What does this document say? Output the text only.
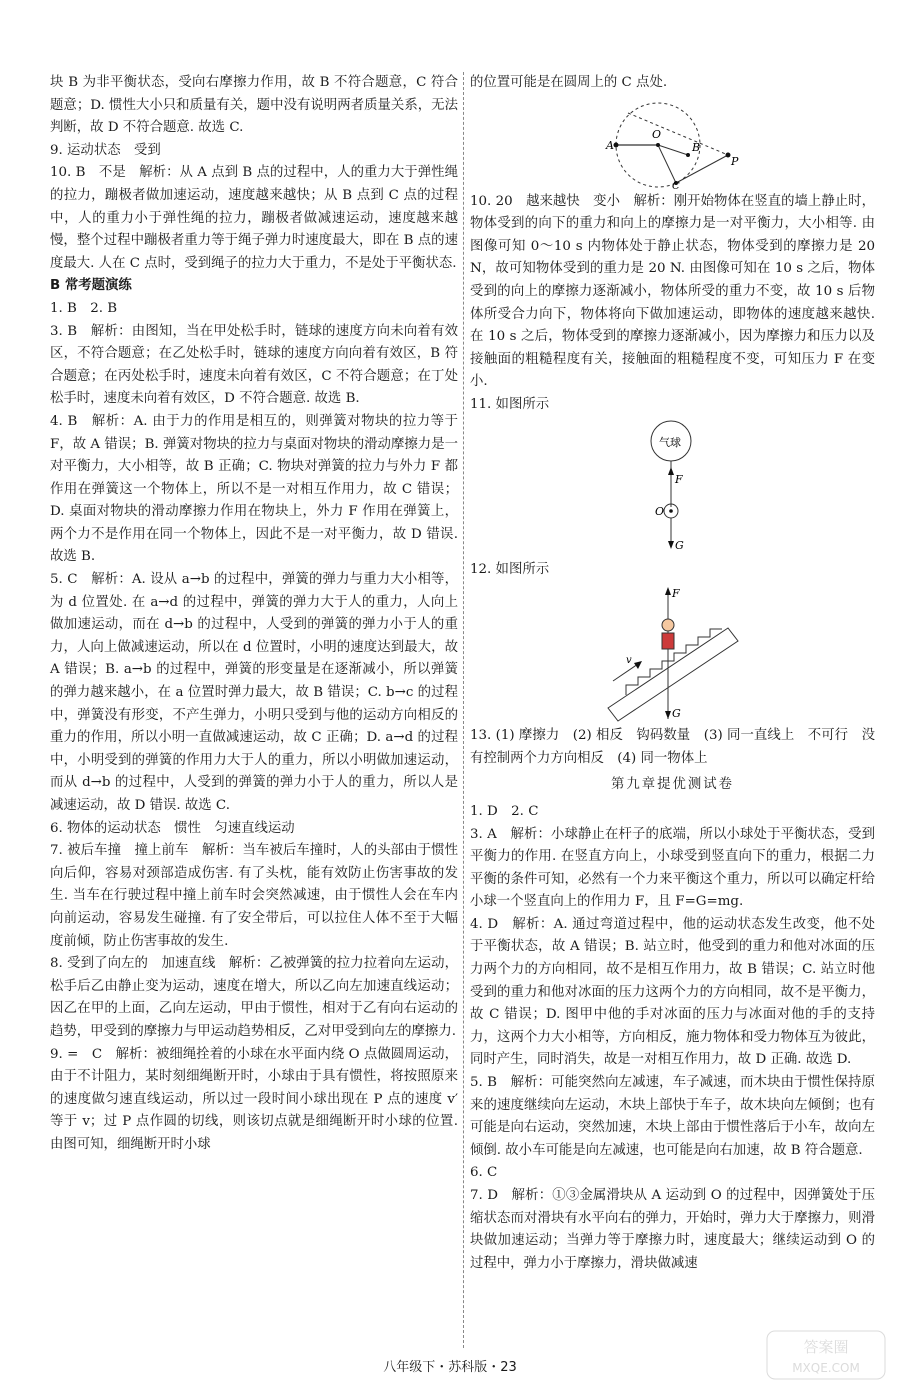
块 B 为非平衡状态，受向右摩擦力作用，故 B 不符合题意，C 符合题意；D. 惯性大小只和质量有关，题中没有说明两者质量关系，无法判断，故 D 不符合题意. 故选 C.

9. 运动状态　受到

10. B　不是　解析：从 A 点到 B 点的过程中，人的重力大于弹性绳的拉力，蹦极者做加速运动，速度越来越快；从 B 点到 C 点的过程中，人的重力小于弹性绳的拉力，蹦极者做减速运动，速度越来越慢，整个过程中蹦极者重力等于绳子弹力时速度最大，即在 B 点的速度最大. 人在 C 点时，受到绳子的拉力大于重力，不是处于平衡状态.

B 常考题演练

1. B　2. B

3. B　解析：由图知，当在甲处松手时，链球的速度方向未向着有效区，不符合题意；在乙处松手时，链球的速度方向向着有效区，B 符合题意；在丙处松手时，速度未向着有效区，C 不符合题意；在丁处松手时，速度未向着有效区，D 不符合题意. 故选 B.

4. B　解析：A. 由于力的作用是相互的，则弹簧对物块的拉力等于 F，故 A 错误；B. 弹簧对物块的拉力与桌面对物块的滑动摩擦力是一对平衡力，大小相等，故 B 正确；C. 物块对弹簧的拉力与外力 F 都作用在弹簧这一个物体上，所以不是一对相互作用力，故 C 错误；D. 桌面对物块的滑动摩擦力作用在物块上，外力 F 作用在弹簧上，两个力不是作用在同一个物体上，因此不是一对平衡力，故 D 错误. 故选 B.

5. C　解析：A. 设从 a→b 的过程中，弹簧的弹力与重力大小相等，为 d 位置处. 在 a→d 的过程中，弹簧的弹力大于人的重力，人向上做加速运动，而在 d→b 的过程中，人受到的弹簧的弹力小于人的重力，人向上做减速运动，所以在 d 位置时，小明的速度达到最大，故 A 错误；B. a→b 的过程中，弹簧的形变量是在逐渐减小，所以弹簧的弹力越来越小，在 a 位置时弹力最大，故 B 错误；C. b→c 的过程中，弹簧没有形变，不产生弹力，小明只受到与他的运动方向相反的重力的作用，所以小明一直做减速运动，故 C 正确；D. a→d 的过程中，小明受到的弹簧的作用力大于人的重力，所以小明做加速运动，而从 d→b 的过程中，人受到的弹簧的弹力小于人的重力，所以人是减速运动，故 D 错误. 故选 C.

6. 物体的运动状态　惯性　匀速直线运动

7. 被后车撞　撞上前车　解析：当车被后车撞时，人的头部由于惯性向后仰，容易对颈部造成伤害. 有了头枕，能有效防止伤害事故的发生. 当车在行驶过程中撞上前车时会突然减速，由于惯性人会在车内向前运动，容易发生碰撞. 有了安全带后，可以拉住人体不至于大幅度前倾，防止伤害事故的发生.

8. 受到了向左的　加速直线　解析：乙被弹簧的拉力拉着向左运动，松手后乙由静止变为运动，速度在增大，所以乙向左加速直线运动；因乙在甲的上面，乙向左运动，甲由于惯性，相对于乙有向右运动的趋势，甲受到的摩擦力与甲运动趋势相反，乙对甲受到向左的摩擦力.

9. =　C　解析：被细绳拴着的小球在水平面内绕 O 点做圆周运动，由于不计阻力，某时刻细绳断开时，小球由于具有惯性，将按照原来的速度做匀速直线运动，所以过一段时间小球出现在 P 点的速度 v′ 等于 v；过 P 点作圆的切线，则该切点就是细绳断开时小球的位置. 由图可知，细绳断开时小球

的位置可能是在圆周上的 C 点处.

A
O
B
C
P

10. 20　越来越快　变小　解析：刚开始物体在竖直的墙上静止时，物体受到的向下的重力和向上的摩擦力是一对平衡力，大小相等. 由图像可知 0～10 s 内物体处于静止状态，物体受到的摩擦力是 20 N，故可知物体受到的重力是 20 N. 由图像可知在 10 s 之后，物体受到的向上的摩擦力逐渐减小，物体所受的重力不变，故 10 s 后物体所受合力向下，物体将向下做加速运动，即物体的速度越来越快. 在 10 s 之后，物体受到的摩擦力逐渐减小，因为摩擦力和压力以及接触面的粗糙程度有关，接触面的粗糙程度不变，可知压力 F 在变小.

11. 如图所示

气球
F
O
G

12. 如图所示

F
G
v

13. (1) 摩擦力　(2) 相反　钩码数量　(3) 同一直线上　不可行　没有控制两个力方向相反　(4) 同一物体上

第九章提优测试卷

1. D　2. C

3. A　解析：小球静止在杆子的底端，所以小球处于平衡状态，受到平衡力的作用. 在竖直方向上，小球受到竖直向下的重力，根据二力平衡的条件可知，必然有一个力来平衡这个重力，所以可以确定杆给小球一个竖直向上的作用力 F，且 F=G=mg.

4. D　解析：A. 通过弯道过程中，他的运动状态发生改变，他不处于平衡状态，故 A 错误；B. 站立时，他受到的重力和他对冰面的压力两个力的方向相同，故不是相互作用力，故 B 错误；C. 站立时他受到的重力和他对冰面的压力这两个力的方向相同，故不是平衡力，故 C 错误；D. 图甲中他的手对冰面的压力与冰面对他的手的支持力，这两个力大小相等，方向相反，施力物体和受力物体互为彼此，同时产生，同时消失，故是一对相互作用力，故 D 正确. 故选 D.

5. B　解析：可能突然向左减速，车子减速，而木块由于惯性保持原来的速度继续向左运动，木块上部快于车子，故木块向左倾倒；也有可能是向右运动，突然加速，木块上部由于惯性落后于小车，故向左倾倒. 故小车可能是向左减速，也可能是向右加速，故 B 符合题意.

6. C

7. D　解析：①③金属滑块从 A 运动到 O 的过程中，因弹簧处于压缩状态而对滑块有水平向右的弹力，开始时，弹力大于摩擦力，则滑块做加速运动；当弹力等于摩擦力时，速度最大；继续运动到 O 的过程中，弹力小于摩擦力，滑块做减速

八年级下・苏科版・23
答案圈
MXQE.COM
